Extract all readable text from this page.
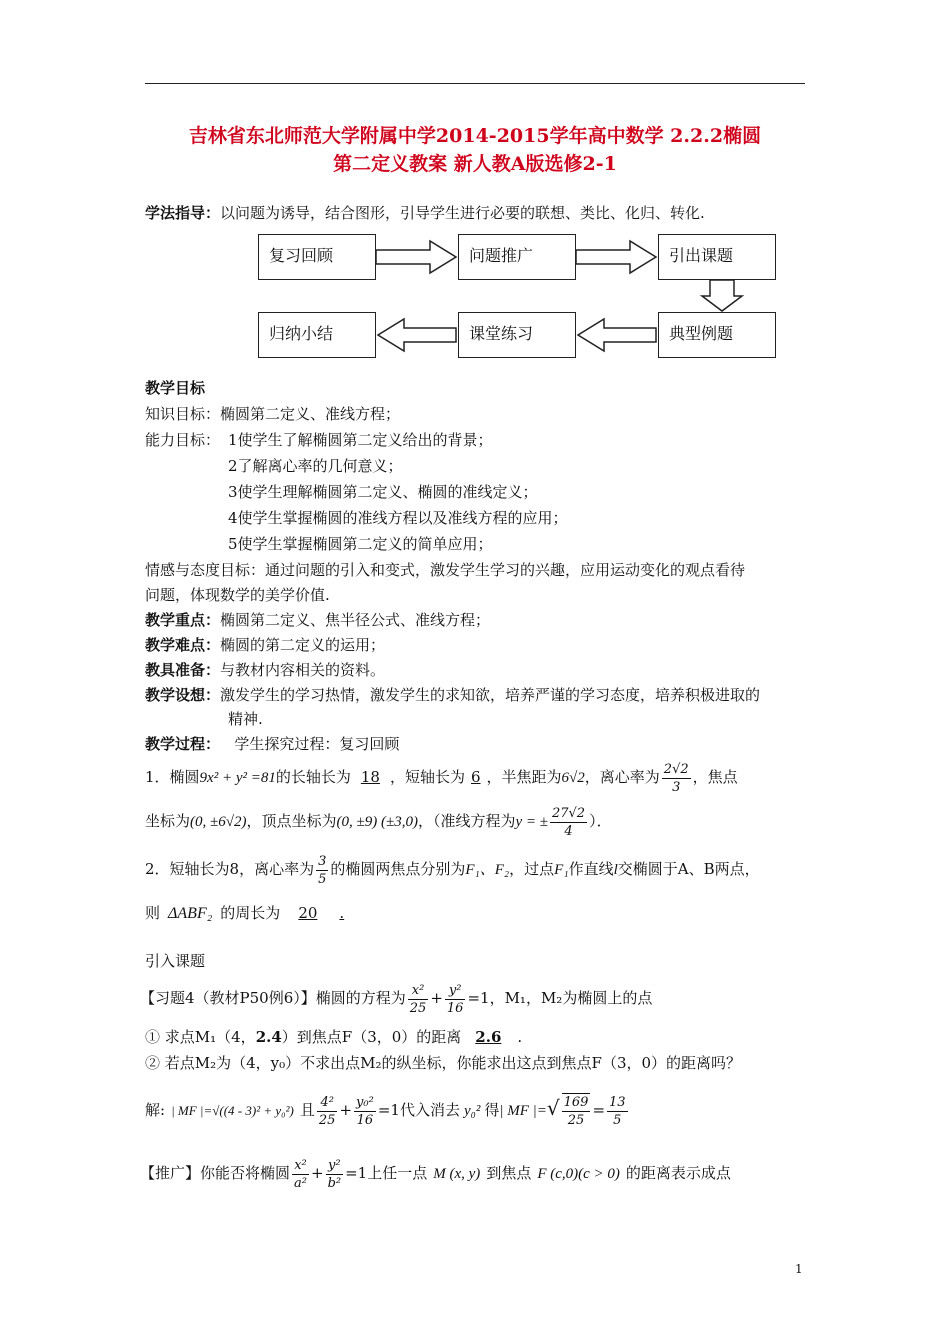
吉林省东北师范大学附属中学2014-2015学年高中数学 2.2.2椭圆
第二定义教案 新人教A版选修2-1
学法指导：以问题为诱导，结合图形，引导学生进行必要的联想、类比、化归、转化.
复习回顾	问题推广	引出课题
归纳小结	课堂练习	典型例题
教学目标
知识目标：椭圆第二定义、准线方程；
能力目标： 1使学生了解椭圆第二定义给出的背景；
2了解离心率的几何意义；
3使学生理解椭圆第二定义、椭圆的准线定义；
4使学生掌握椭圆的准线方程以及准线方程的应用；
5使学生掌握椭圆第二定义的简单应用；
情感与态度目标：通过问题的引入和变式，激发学生学习的兴趣，应用运动变化的观点看待
问题，体现数学的美学价值.
教学重点：椭圆第二定义、焦半径公式、准线方程；
教学难点：椭圆的第二定义的运用；
教具准备：与教材内容相关的资料。
教学设想：激发学生的学习热情，激发学生的求知欲，培养严谨的学习态度，培养积极进取的
精神.
教学过程： 学生探究过程：复习回顾
1．椭圆9x² + y² =81的长轴长为 18 ，短轴长为 6 ，半焦距为6√2，离心率为 $\frac{2√2}{3}$ ，焦点
坐标为(0, ±6√2)，顶点坐标为(0, ±9) (±3,0)，（准线方程为y = ± $\frac{27√2}{4}$ ）．
2．短轴长为8，离心率为 $\frac{3}{5}$ 的椭圆两焦点分别为F₁、F₂，过点F₁作直线l交椭圆于A、B两点，
则 ΔABF₂ 的周长为 20 .
引入课题
【习题4（教材P50例6）】椭圆的方程为 $\frac{\text{x²}}{25} + \frac{\text{y²}}{16} =1$，M₁，M₂为椭圆上的点
① 求点M₁（4，2.4）到焦点F（3，0）的距离 2.6 .
② 若点M₂为（4，y₀）不求出点M₂的纵坐标，你能求出这点到焦点F（3，0）的距离吗？
解: | MF |=√((4 - 3)² + y₀²) 且 $\frac{\text{4²}}{25} + \frac{\text{y₀²}}{16} =1$代入消去 y₀² 得| MF |=√ $\frac{169}{25} = \frac{13}{5}$
【推广】你能否将椭圆 $\frac{\text{x²}}{\text{a²}} + \frac{\text{y²}}{\text{b²}} =1$上任一点 M (x, y) 到焦点 F (c,0)(c > 0) 的距离表示成点
1
